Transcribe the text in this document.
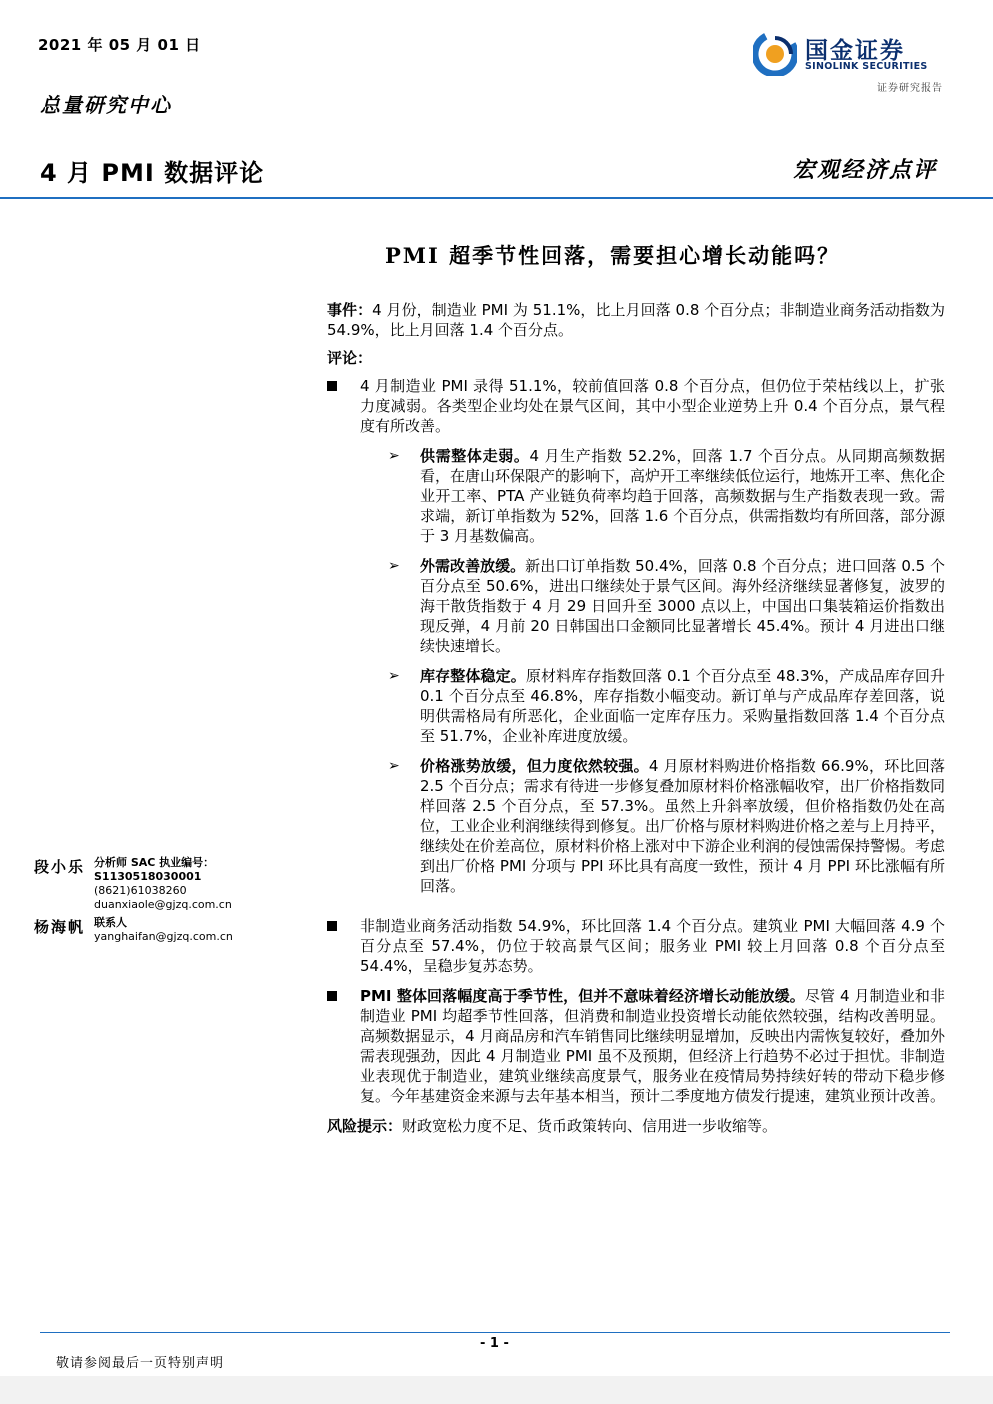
2021 年 05 月 01 日
总量研究中心
4 月 PMI 数据评论	宏观经济点评
国金证券
SINOLINK SECURITIES
证券研究报告
PMI 超季节性回落，需要担心增长动能吗？
事件：4 月份，制造业 PMI 为 51.1%，比上月回落 0.8 个百分点；非制造业商务活动指数为 54.9%，比上月回落 1.4 个百分点。
评论：
4 月制造业 PMI 录得 51.1%，较前值回落 0.8 个百分点，但仍位于荣枯线以上，扩张力度减弱。各类型企业均处在景气区间，其中小型企业逆势上升 0.4 个百分点，景气程度有所改善。
➢	供需整体走弱。4 月生产指数 52.2%，回落 1.7 个百分点。从同期高频数据看，在唐山环保限产的影响下，高炉开工率继续低位运行，地炼开工率、焦化企业开工率、PTA 产业链负荷率均趋于回落，高频数据与生产指数表现一致。需求端，新订单指数为 52%，回落 1.6 个百分点，供需指数均有所回落，部分源于 3 月基数偏高。
➢	外需改善放缓。新出口订单指数 50.4%，回落 0.8 个百分点；进口回落 0.5 个百分点至 50.6%，进出口继续处于景气区间。海外经济继续显著修复，波罗的海干散货指数于 4 月 29 日回升至 3000 点以上，中国出口集装箱运价指数出现反弹，4 月前 20 日韩国出口金额同比显著增长 45.4%。预计 4 月进出口继续快速增长。
➢	库存整体稳定。原材料库存指数回落 0.1 个百分点至 48.3%，产成品库存回升 0.1 个百分点至 46.8%，库存指数小幅变动。新订单与产成品库存差回落，说明供需格局有所恶化，企业面临一定库存压力。采购量指数回落 1.4 个百分点至 51.7%，企业补库进度放缓。
➢	价格涨势放缓，但力度依然较强。4 月原材料购进价格指数 66.9%，环比回落 2.5 个百分点；需求有待进一步修复叠加原材料价格涨幅收窄，出厂价格指数同样回落 2.5 个百分点，至 57.3%。虽然上升斜率放缓，但价格指数仍处在高位，工业企业利润继续得到修复。出厂价格与原材料购进价格之差与上月持平，继续处在价差高位，原材料价格上涨对中下游企业利润的侵蚀需保持警惕。考虑到出厂价格 PMI 分项与 PPI 环比具有高度一致性，预计 4 月 PPI 环比涨幅有所回落。
非制造业商务活动指数 54.9%，环比回落 1.4 个百分点。建筑业 PMI 大幅回落 4.9 个百分点至 57.4%，仍位于较高景气区间；服务业 PMI 较上月回落 0.8 个百分点至 54.4%，呈稳步复苏态势。
PMI 整体回落幅度高于季节性，但并不意味着经济增长动能放缓。尽管 4 月制造业和非制造业 PMI 均超季节性回落，但消费和制造业投资增长动能依然较强，结构改善明显。高频数据显示，4 月商品房和汽车销售同比继续明显增加，反映出内需恢复较好，叠加外需表现强劲，因此 4 月制造业 PMI 虽不及预期，但经济上行趋势不必过于担忧。非制造业表现优于制造业，建筑业继续高度景气，服务业在疫情局势持续好转的带动下稳步修复。今年基建资金来源与去年基本相当，预计二季度地方债发行提速，建筑业预计改善。
风险提示：财政宽松力度不足、货币政策转向、信用进一步收缩等。
段小乐 分析师 SAC 执业编号：S1130518030001
(8621)61038260
duanxiaole@gjzq.com.cn
杨海帆 联系人
yanghaifan@gjzq.com.cn
- 1 -
敬请参阅最后一页特别声明
